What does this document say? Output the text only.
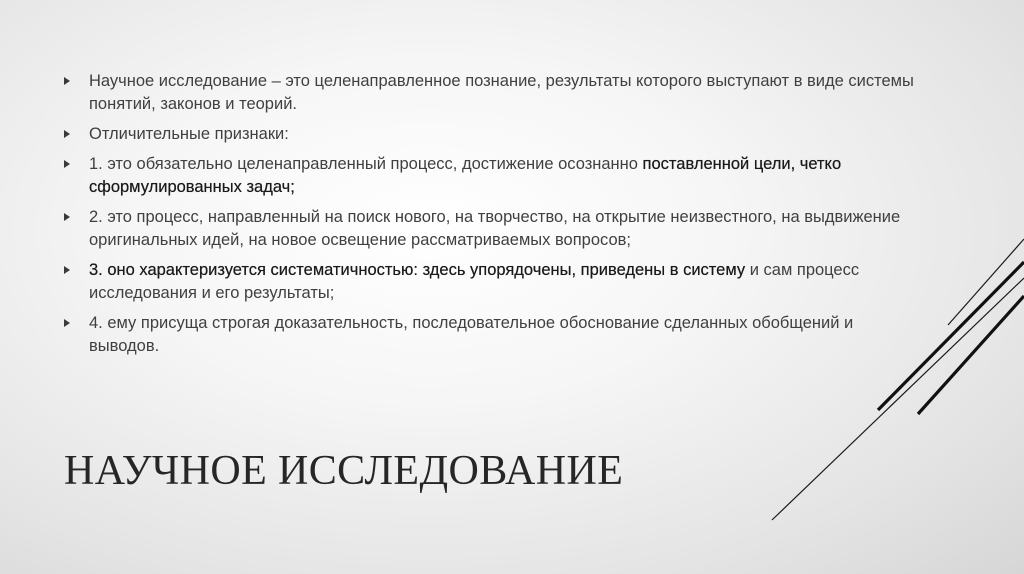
Научное исследование – это целенаправленное познание, результаты которого выступают в виде системы понятий, законов и теорий.
Отличительные признаки:
1. это обязательно целенаправленный процесс, достижение осознанно поставленной цели, четко сформулированных задач;
2. это процесс, направленный на поиск нового, на творчество, на открытие неизвестного, на выдвижение оригинальных идей, на новое освещение рассматриваемых вопросов;
3. оно характеризуется систематичностью: здесь упорядочены, приведены в систему и сам процесс исследования и его результаты;
4. ему присуща строгая доказательность, последовательное обоснование сделанных обобщений и выводов.
НАУЧНОЕ ИССЛЕДОВАНИЕ
